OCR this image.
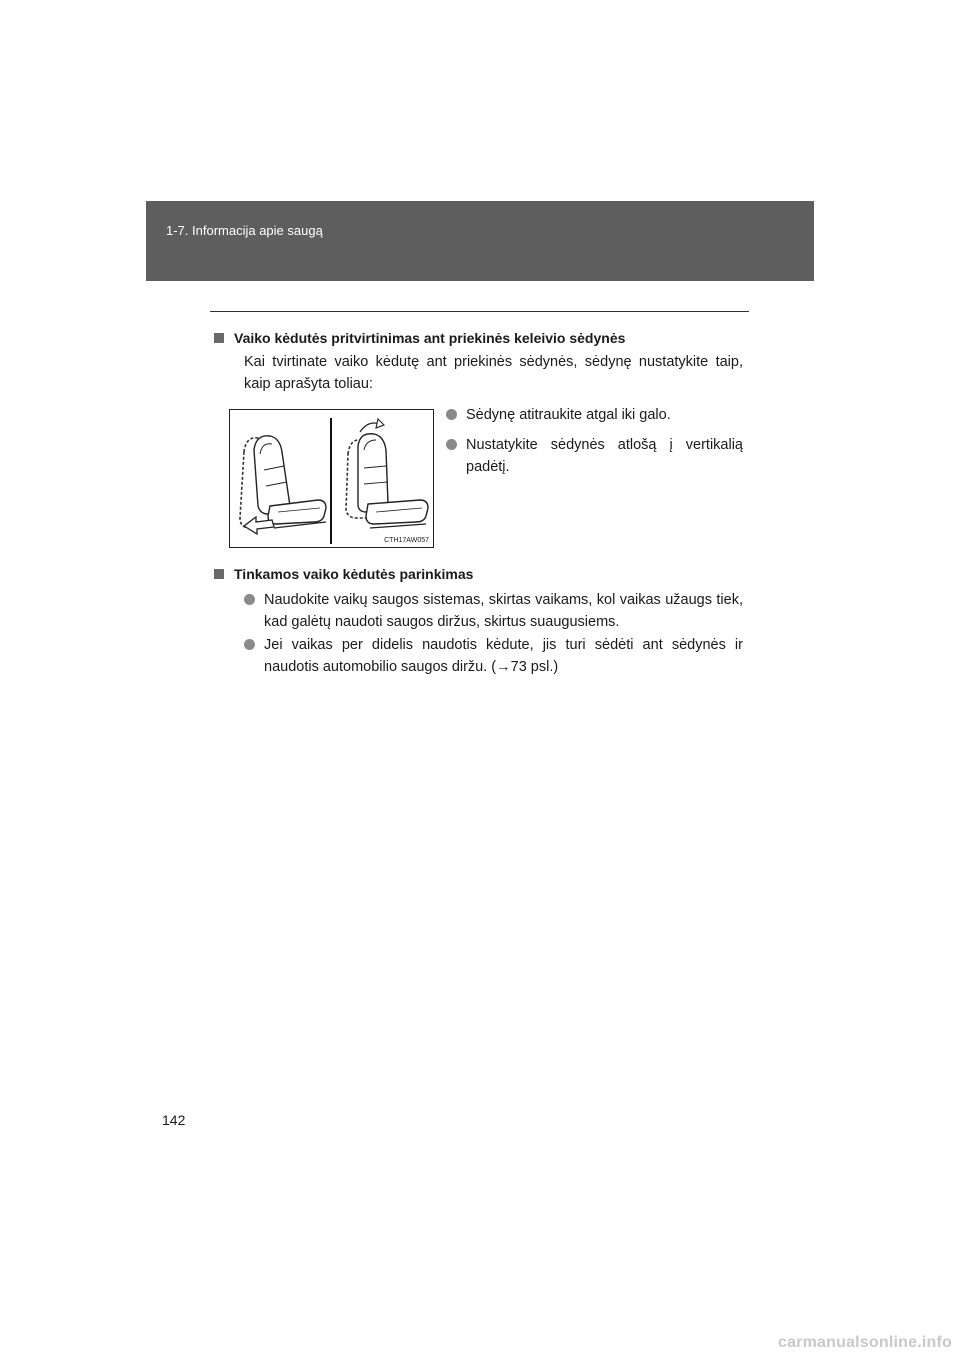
1-7. Informacija apie saugą
Vaiko kėdutės pritvirtinimas ant priekinės keleivio sėdynės
Kai tvirtinate vaiko kėdutę ant priekinės sėdynės, sėdynę nustatykite taip, kaip aprašyta toliau:
Sėdynę atitraukite atgal iki galo.
Nustatykite sėdynės atlošą į vertikalią padėtį.
CTH17AW057
Tinkamos vaiko kėdutės parinkimas
Naudokite vaikų saugos sistemas, skirtas vaikams, kol vaikas užaugs tiek, kad galėtų naudoti saugos diržus, skirtus suaugusiems.
Jei vaikas per didelis naudotis kėdute, jis turi sėdėti ant sėdynės ir naudotis automobilio saugos diržu. (→73 psl.)
142
carmanualsonline.info
